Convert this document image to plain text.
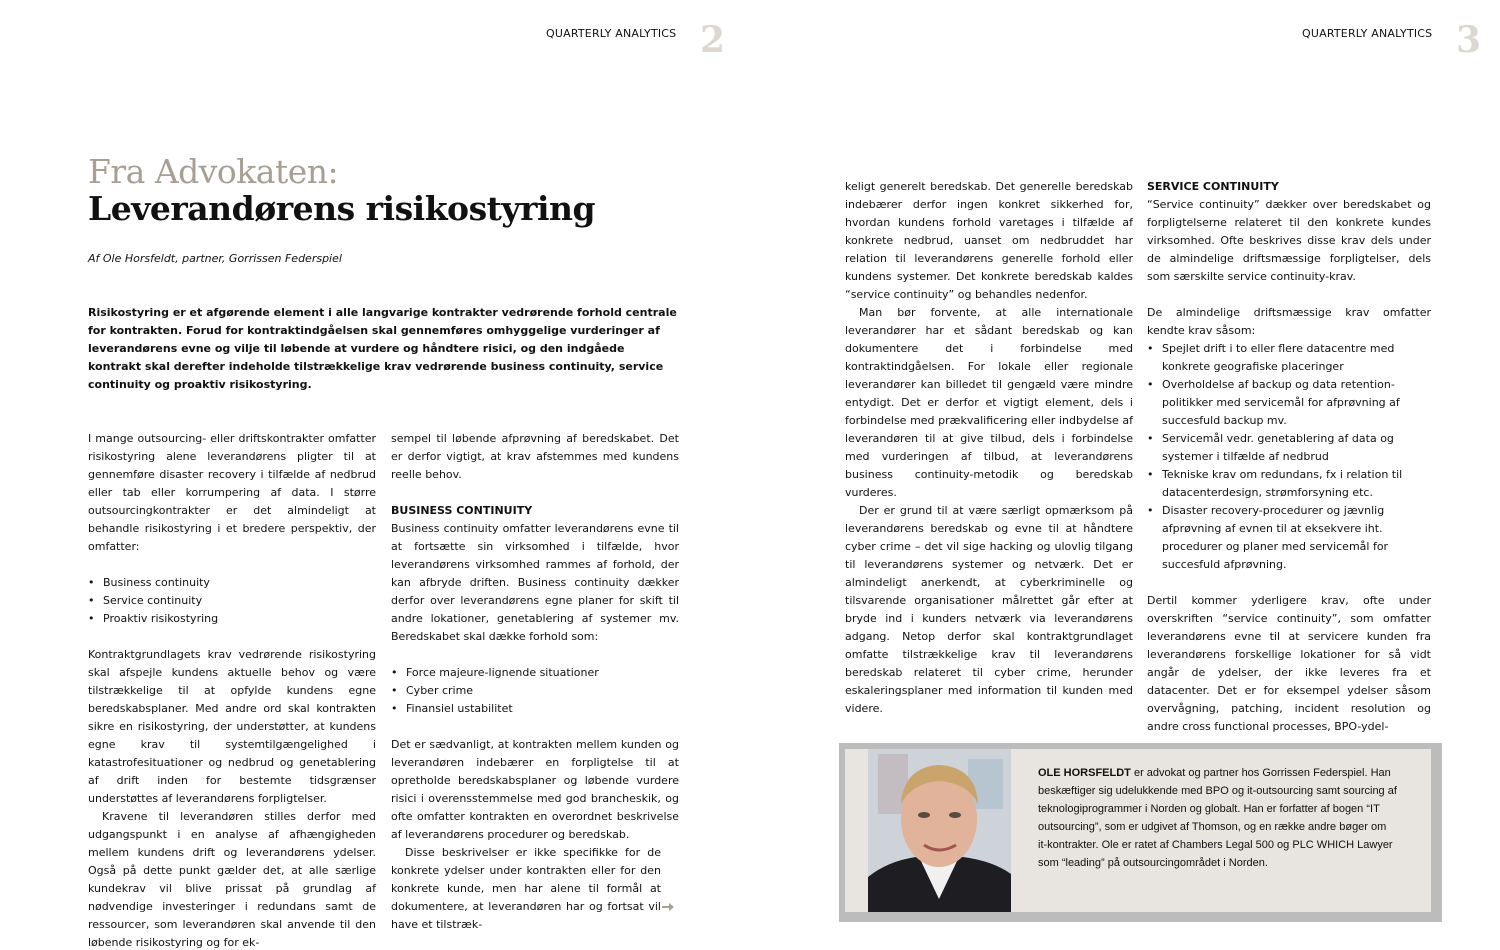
QUARTERLY ANALYTICS 2	QUARTERLY ANALYTICS 3
Fra Advokaten:
Leverandørens risikostyring
Af Ole Horsfeldt, partner, Gorrissen Federspiel

Risikostyring er et afgørende element i alle langvarige kontrakter vedrørende forhold centrale for kontrakten. Forud for kontraktindgåelsen skal gennemføres omhyggelige vurderinger af leverandørens evne og vilje til løbende at vurdere og håndtere risici, og den indgåede kontrakt skal derefter indeholde tilstrækkelige krav vedrørende business continuity, service continuity og proaktiv risikostyring.

I mange outsourcing- eller driftskontrakter omfatter risikostyring alene leverandørens pligter til at gennemføre disaster recovery i tilfælde af nedbrud eller tab eller korrumpering af data. I større outsourcingkontrakter er det almindeligt at behandle risikostyring i et bredere perspektiv, der omfatter:

• Business continuity
• Service continuity
• Proaktiv risikostyring

Kontraktgrundlagets krav vedrørende risikostyring skal afspejle kundens aktuelle behov og være tilstrækkelige til at opfylde kundens egne beredskabsplaner. Med andre ord skal kontrakten sikre en risikostyring, der understøtter, at kundens egne krav til systemtilgængelighed i katastrofesituationer og nedbrud og genetablering af drift inden for bestemte tidsgrænser understøttes af leverandørens forpligtelser.

Kravene til leverandøren stilles derfor med udgangspunkt i en analyse af afhængigheden mellem kundens drift og leverandørens ydelser. Også på dette punkt gælder det, at alle særlige kundekrav vil blive prissat på grundlag af nødvendige investeringer i redundans samt de ressourcer, som leverandøren skal anvende til den løbende risikostyring og for ek-

sempel til løbende afprøvning af beredskabet. Det er derfor vigtigt, at krav afstemmes med kundens reelle behov.

BUSINESS CONTINUITY

Business continuity omfatter leverandørens evne til at fortsætte sin virksomhed i tilfælde, hvor leverandørens virksomhed rammes af forhold, der kan afbryde driften. Business continuity dækker derfor over leverandørens egne planer for skift til andre lokationer, genetablering af systemer mv. Beredskabet skal dække forhold som:

• Force majeure-lignende situationer
• Cyber crime
• Finansiel ustabilitet

Det er sædvanligt, at kontrakten mellem kunden og leverandøren indebærer en forpligtelse til at opretholde beredskabsplaner og løbende vurdere risici i overensstemmelse med god brancheskik, og ofte omfatter kontrakten en overordnet beskrivelse af leverandørens procedurer og beredskab.

Disse beskrivelser er ikke specifikke for de konkrete ydelser under kontrakten eller for den konkrete kunde, men har alene til formål at dokumentere, at leverandøren har og fortsat vil have et tilstræk-

keligt generelt beredskab. Det generelle beredskab indebærer derfor ingen konkret sikkerhed for, hvordan kundens forhold varetages i tilfælde af konkrete nedbrud, uanset om nedbruddet har relation til leverandørens generelle forhold eller kundens systemer. Det konkrete beredskab kaldes “service continuity” og behandles nedenfor.

Man bør forvente, at alle internationale leverandører har et sådant beredskab og kan dokumentere det i forbindelse med kontraktindgåelsen. For lokale eller regionale leverandører kan billedet til gengæld være mindre entydigt. Det er derfor et vigtigt element, dels i forbindelse med prækvalificering eller indbydelse af leverandøren til at give tilbud, dels i forbindelse med vurderingen af tilbud, at leverandørens business continuity-metodik og beredskab vurderes.

Der er grund til at være særligt opmærksom på leverandørens beredskab og evne til at håndtere cyber crime – det vil sige hacking og ulovlig tilgang til leverandørens systemer og netværk. Det er almindeligt anerkendt, at cyberkriminelle og tilsvarende organisationer målrettet går efter at bryde ind i kunders netværk via leverandørens adgang. Netop derfor skal kontraktgrundlaget omfatte tilstrækkelige krav til leverandørens beredskab relateret til cyber crime, herunder eskaleringsplaner med information til kunden med videre.

SERVICE CONTINUITY

“Service continuity” dækker over beredskabet og forpligtelserne relateret til den konkrete kundes virksomhed. Ofte beskrives disse krav dels under de almindelige driftsmæssige forpligtelser, dels som særskilte service continuity-krav.

De almindelige driftsmæssige krav omfatter kendte krav såsom:

• Spejlet drift i to eller flere datacentre med konkrete geografiske placeringer
• Overholdelse af backup og data retention-politikker med servicemål for afprøvning af succesfuld backup mv.
• Servicemål vedr. genetablering af data og systemer i tilfælde af nedbrud
• Tekniske krav om redundans, fx i relation til datacenterdesign, strømforsyning etc.
• Disaster recovery-procedurer og jævnlig afprøvning af evnen til at eksekvere iht. procedurer og planer med servicemål for succesfuld afprøvning.

Dertil kommer yderligere krav, ofte under overskriften “service continuity”, som omfatter leverandørens evne til at servicere kunden fra leverandørens forskellige lokationer for så vidt angår de ydelser, der ikke leveres fra et datacenter. Det er for eksempel ydelser såsom overvågning, patching, incident resolution og andre cross functional processes, BPO-ydel-

OLE HORSFELDT er advokat og partner hos Gorrissen Federspiel. Han beskæftiger sig udelukkende med BPO og it-outsourcing samt sourcing af teknologiprogrammer i Norden og globalt. Han er forfatter af bogen “IT outsourcing”, som er udgivet af Thomson, og en række andre bøger om it-kontrakter. Ole er ratet af Chambers Legal 500 og PLC WHICH Lawyer som “leading” på outsourcingområdet i Norden.
